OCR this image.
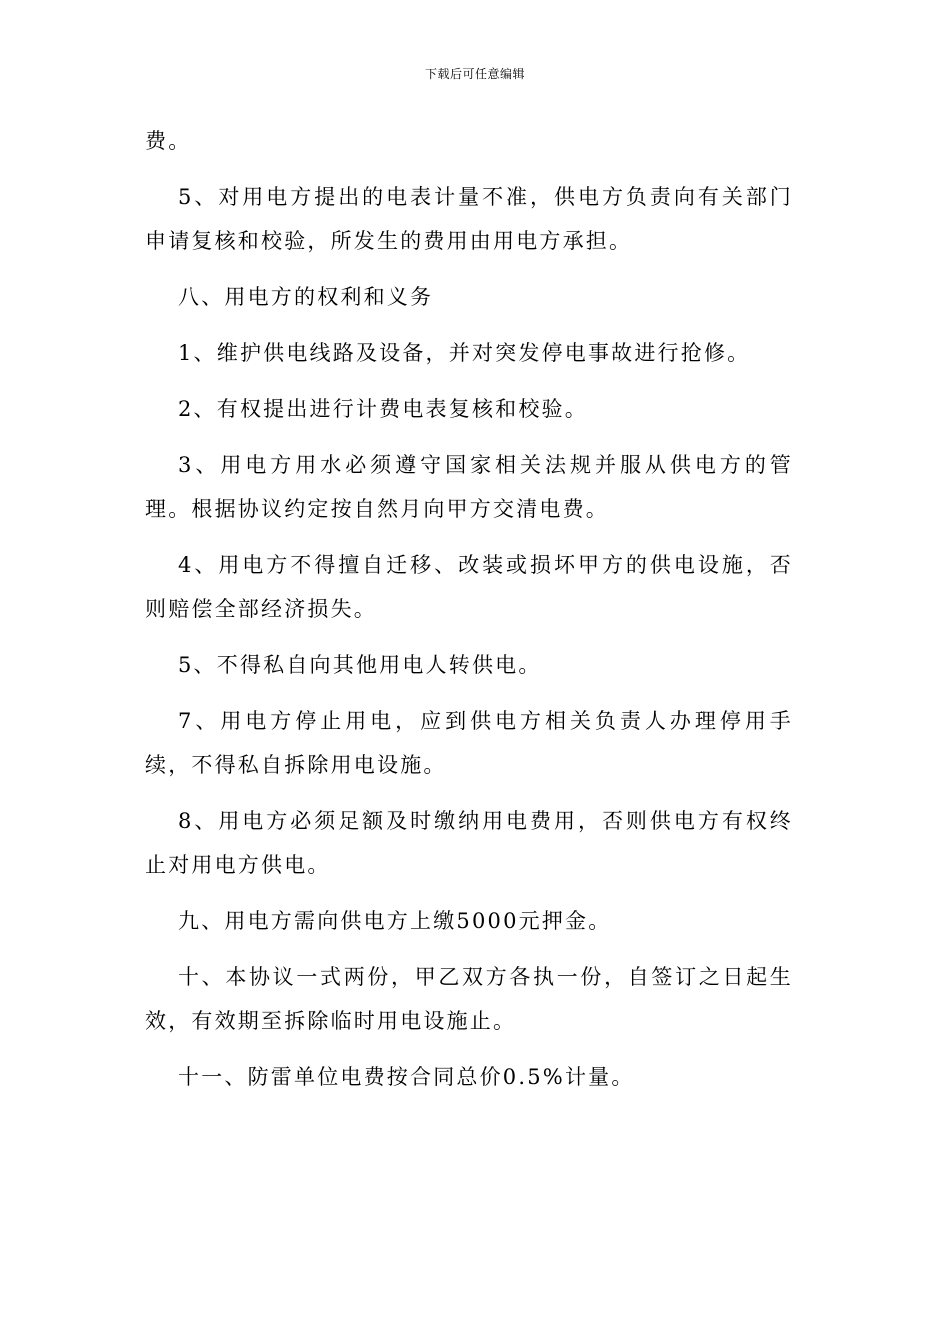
下载后可任意编辑

费。

5、对用电方提出的电表计量不准，供电方负责向有关部门申请复核和校验，所发生的费用由用电方承担。

八、用电方的权利和义务

1、维护供电线路及设备，并对突发停电事故进行抢修。

2、有权提出进行计费电表复核和校验。

3、用电方用水必须遵守国家相关法规并服从供电方的管理。根据协议约定按自然月向甲方交清电费。

4、用电方不得擅自迁移、改装或损坏甲方的供电设施，否则赔偿全部经济损失。

5、不得私自向其他用电人转供电。

7、用电方停止用电，应到供电方相关负责人办理停用手续，不得私自拆除用电设施。

8、用电方必须足额及时缴纳用电费用，否则供电方有权终止对用电方供电。

九、用电方需向供电方上缴5000元押金。

十、本协议一式两份，甲乙双方各执一份，自签订之日起生效，有效期至拆除临时用电设施止。

十一、防雷单位电费按合同总价0.5%计量。
